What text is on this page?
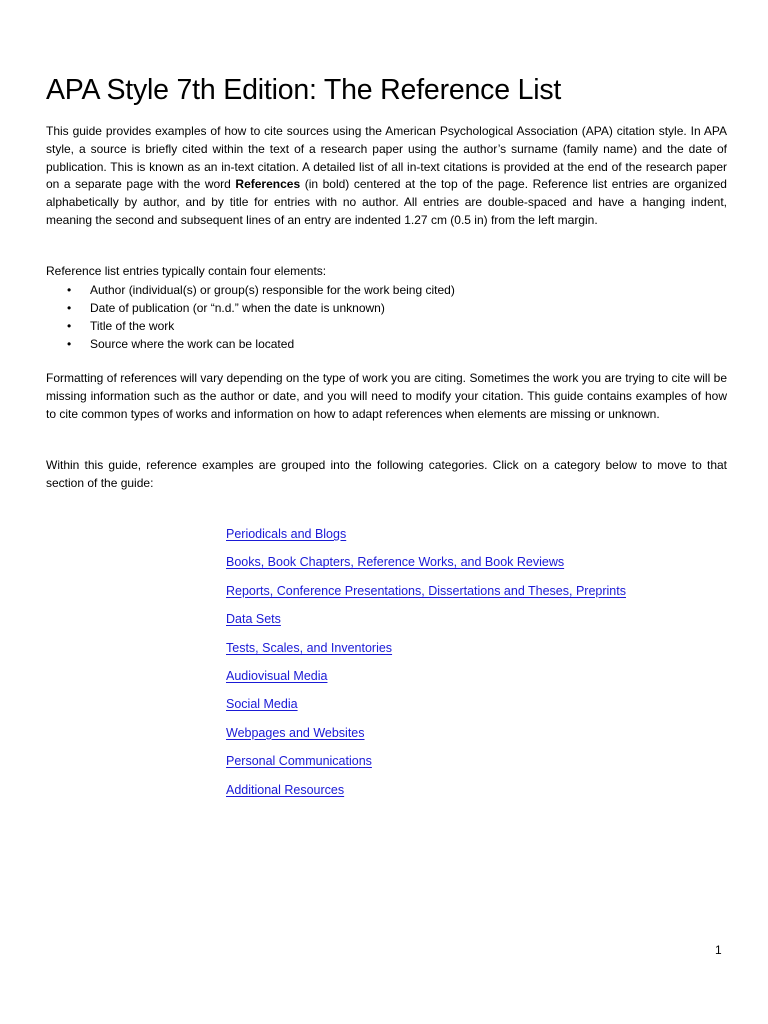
APA Style 7th Edition: The Reference List

This guide provides examples of how to cite sources using the American Psychological Association (APA) citation style. In APA style, a source is briefly cited within the text of a research paper using the author’s surname (family name) and the date of publication. This is known as an in-text citation. A detailed list of all in-text citations is provided at the end of the research paper on a separate page with the word References (in bold) centered at the top of the page. Reference list entries are organized alphabetically by author, and by title for entries with no author. All entries are double-spaced and have a hanging indent, meaning the second and subsequent lines of an entry are indented 1.27 cm (0.5 in) from the left margin.

Reference list entries typically contain four elements:

• Author (individual(s) or group(s) responsible for the work being cited)
• Date of publication (or “n.d.” when the date is unknown)
• Title of the work
• Source where the work can be located

Formatting of references will vary depending on the type of work you are citing. Sometimes the work you are trying to cite will be missing information such as the author or date, and you will need to modify your citation. This guide contains examples of how to cite common types of works and information on how to adapt references when elements are missing or unknown.

Within this guide, reference examples are grouped into the following categories. Click on a category below to move to that section of the guide:

Periodicals and Blogs
Books, Book Chapters, Reference Works, and Book Reviews
Reports, Conference Presentations, Dissertations and Theses, Preprints
Data Sets
Tests, Scales, and Inventories
Audiovisual Media
Social Media
Webpages and Websites
Personal Communications
Additional Resources
1
